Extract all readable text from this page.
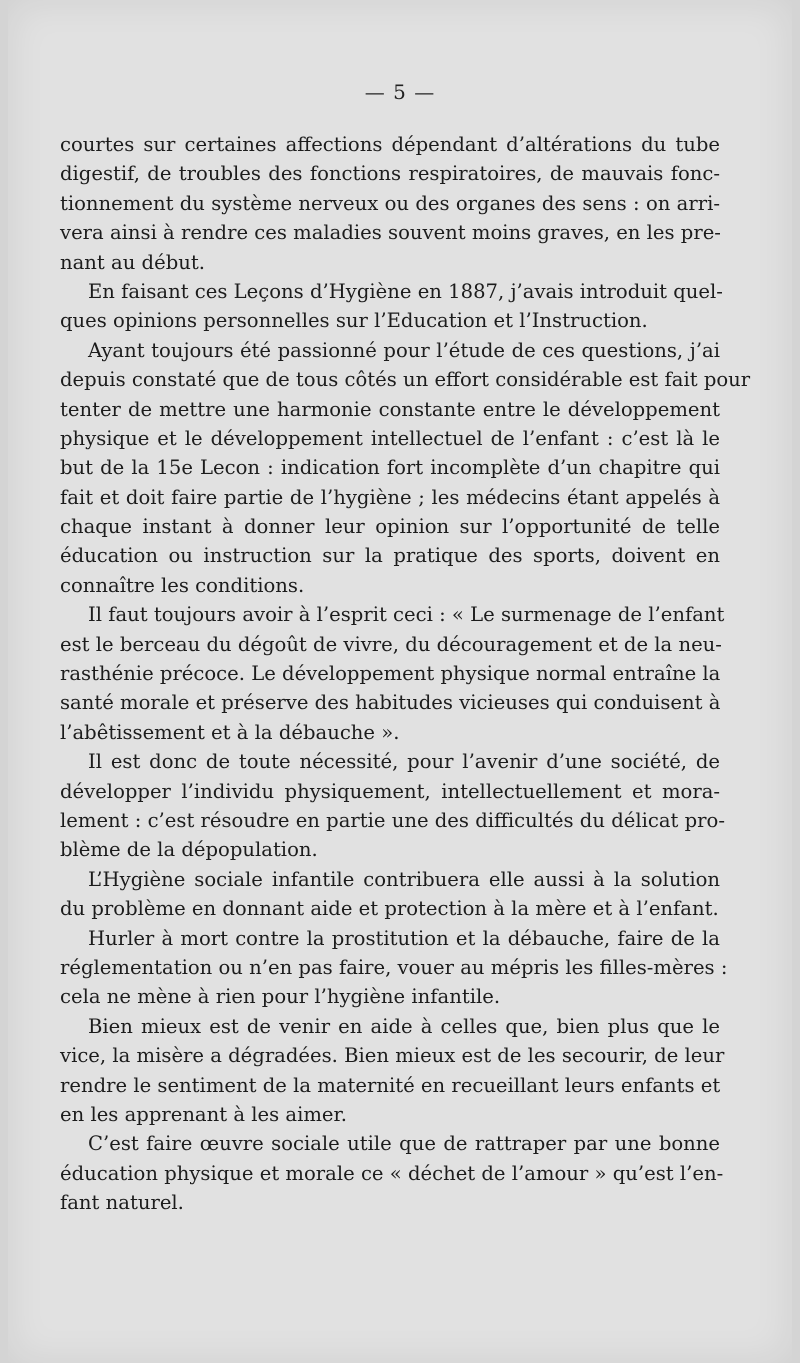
— 5 —
courtes sur certaines affections dépendant d’altérations du tube
digestif, de troubles des fonctions respiratoires, de mauvais fonc-
tionnement du système nerveux ou des organes des sens : on arri-
vera ainsi à rendre ces maladies souvent moins graves, en les pre-
nant au début.
En faisant ces Leçons d’Hygiène en 1887, j’avais introduit quel-
ques opinions personnelles sur l’Education et l’Instruction.
Ayant toujours été passionné pour l’étude de ces questions, j’ai
depuis constaté que de tous côtés un effort considérable est fait pour
tenter de mettre une harmonie constante entre le développement
physique et le développement intellectuel de l’enfant : c’est là le
but de la 15e Lecon : indication fort incomplète d’un chapitre qui
fait et doit faire partie de l’hygiène ; les médecins étant appelés à
chaque instant à donner leur opinion sur l’opportunité de telle
éducation ou instruction sur la pratique des sports, doivent en
connaître les conditions.
Il faut toujours avoir à l’esprit ceci : « Le surmenage de l’enfant
est le berceau du dégoût de vivre, du découragement et de la neu-
rasthénie précoce. Le développement physique normal entraîne la
santé morale et préserve des habitudes vicieuses qui conduisent à
l’abêtissement et à la débauche ».
Il est donc de toute nécessité, pour l’avenir d’une société, de
développer l’individu physiquement, intellectuellement et mora-
lement : c’est résoudre en partie une des difficultés du délicat pro-
blème de la dépopulation.
L’Hygiène sociale infantile contribuera elle aussi à la solution
du problème en donnant aide et protection à la mère et à l’enfant.
Hurler à mort contre la prostitution et la débauche, faire de la
réglementation ou n’en pas faire, vouer au mépris les filles-mères :
cela ne mène à rien pour l’hygiène infantile.
Bien mieux est de venir en aide à celles que, bien plus que le
vice, la misère a dégradées. Bien mieux est de les secourir, de leur
rendre le sentiment de la maternité en recueillant leurs enfants et
en les apprenant à les aimer.
C’est faire œuvre sociale utile que de rattraper par une bonne
éducation physique et morale ce « déchet de l’amour » qu’est l’en-
fant naturel.
